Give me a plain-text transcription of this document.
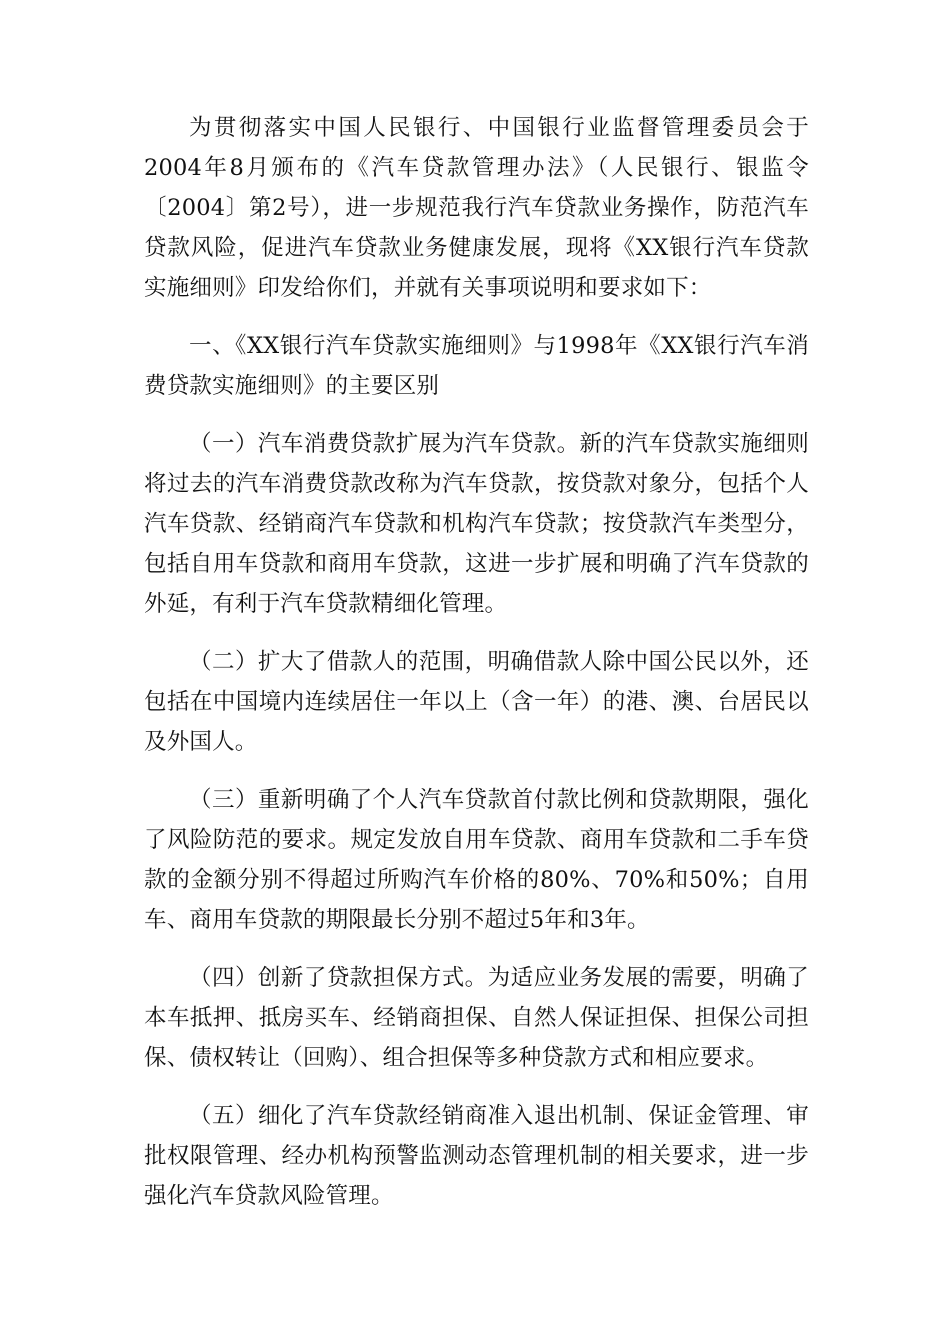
为贯彻落实中国人民银行、中国银行业监督管理委员会于2004年8月颁布的《汽车贷款管理办法》（人民银行、银监令〔2004〕第2号），进一步规范我行汽车贷款业务操作，防范汽车贷款风险，促进汽车贷款业务健康发展，现将《XX银行汽车贷款实施细则》印发给你们，并就有关事项说明和要求如下：

一、《XX银行汽车贷款实施细则》与1998年《XX银行汽车消费贷款实施细则》的主要区别

（一）汽车消费贷款扩展为汽车贷款。新的汽车贷款实施细则将过去的汽车消费贷款改称为汽车贷款，按贷款对象分，包括个人汽车贷款、经销商汽车贷款和机构汽车贷款；按贷款汽车类型分，包括自用车贷款和商用车贷款，这进一步扩展和明确了汽车贷款的外延，有利于汽车贷款精细化管理。

（二）扩大了借款人的范围，明确借款人除中国公民以外，还包括在中国境内连续居住一年以上（含一年）的港、澳、台居民以及外国人。

（三）重新明确了个人汽车贷款首付款比例和贷款期限，强化了风险防范的要求。规定发放自用车贷款、商用车贷款和二手车贷款的金额分别不得超过所购汽车价格的80%、70%和50%；自用车、商用车贷款的期限最长分别不超过5年和3年。

（四）创新了贷款担保方式。为适应业务发展的需要，明确了本车抵押、抵房买车、经销商担保、自然人保证担保、担保公司担保、债权转让（回购）、组合担保等多种贷款方式和相应要求。

（五）细化了汽车贷款经销商准入退出机制、保证金管理、审批权限管理、经办机构预警监测动态管理机制的相关要求，进一步强化汽车贷款风险管理。
